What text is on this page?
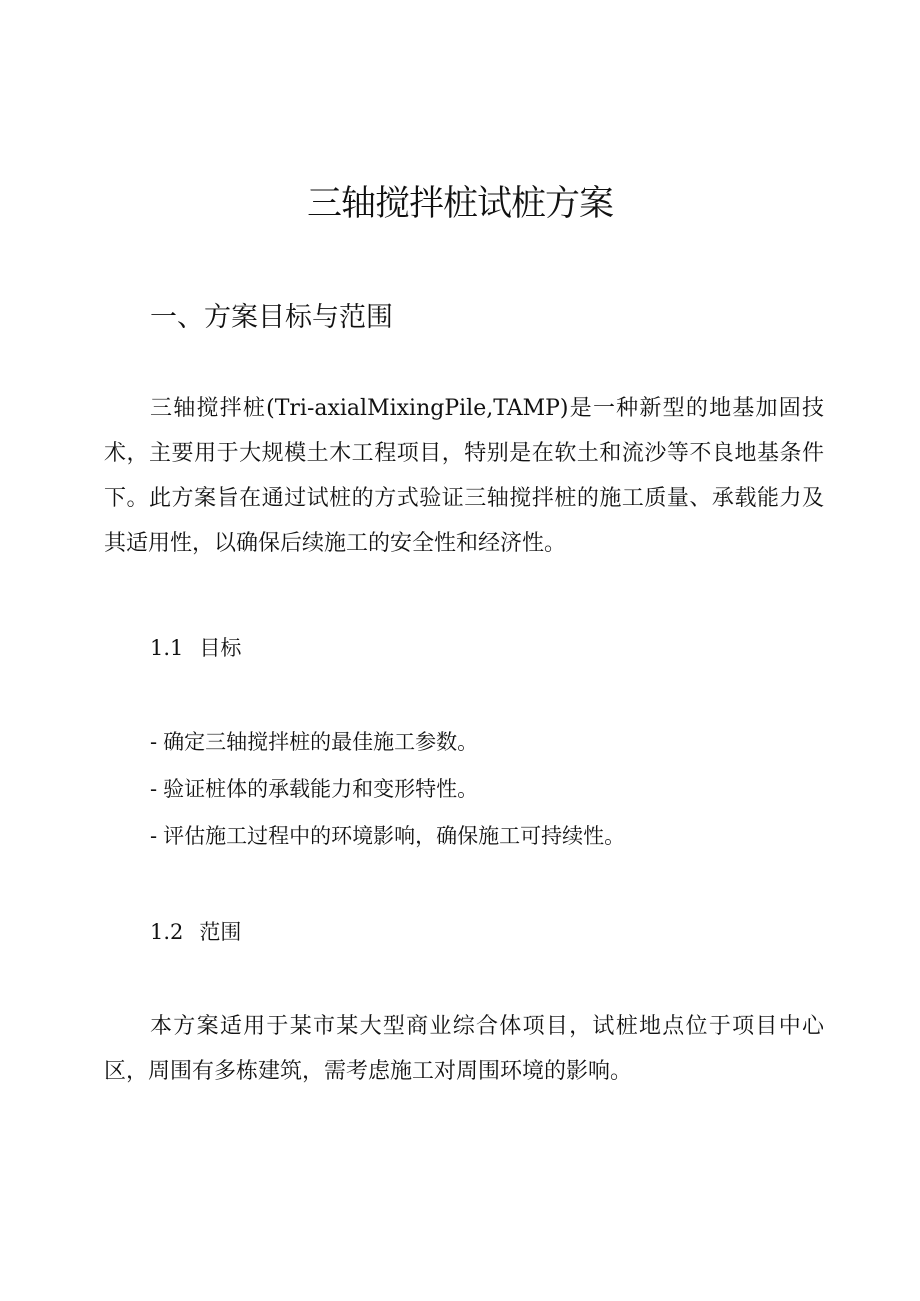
三轴搅拌桩试桩方案
一、方案目标与范围

三轴搅拌桩(Tri-axialMixingPile,TAMP)是一种新型的地基加固技术，主要用于大规模土木工程项目，特别是在软土和流沙等不良地基条件下。此方案旨在通过试桩的方式验证三轴搅拌桩的施工质量、承载能力及其适用性，以确保后续施工的安全性和经济性。

1.1 目标
- 确定三轴搅拌桩的最佳施工参数。
- 验证桩体的承载能力和变形特性。
- 评估施工过程中的环境影响，确保施工可持续性。
1.2 范围

本方案适用于某市某大型商业综合体项目，试桩地点位于项目中心区，周围有多栋建筑，需考虑施工对周围环境的影响。
